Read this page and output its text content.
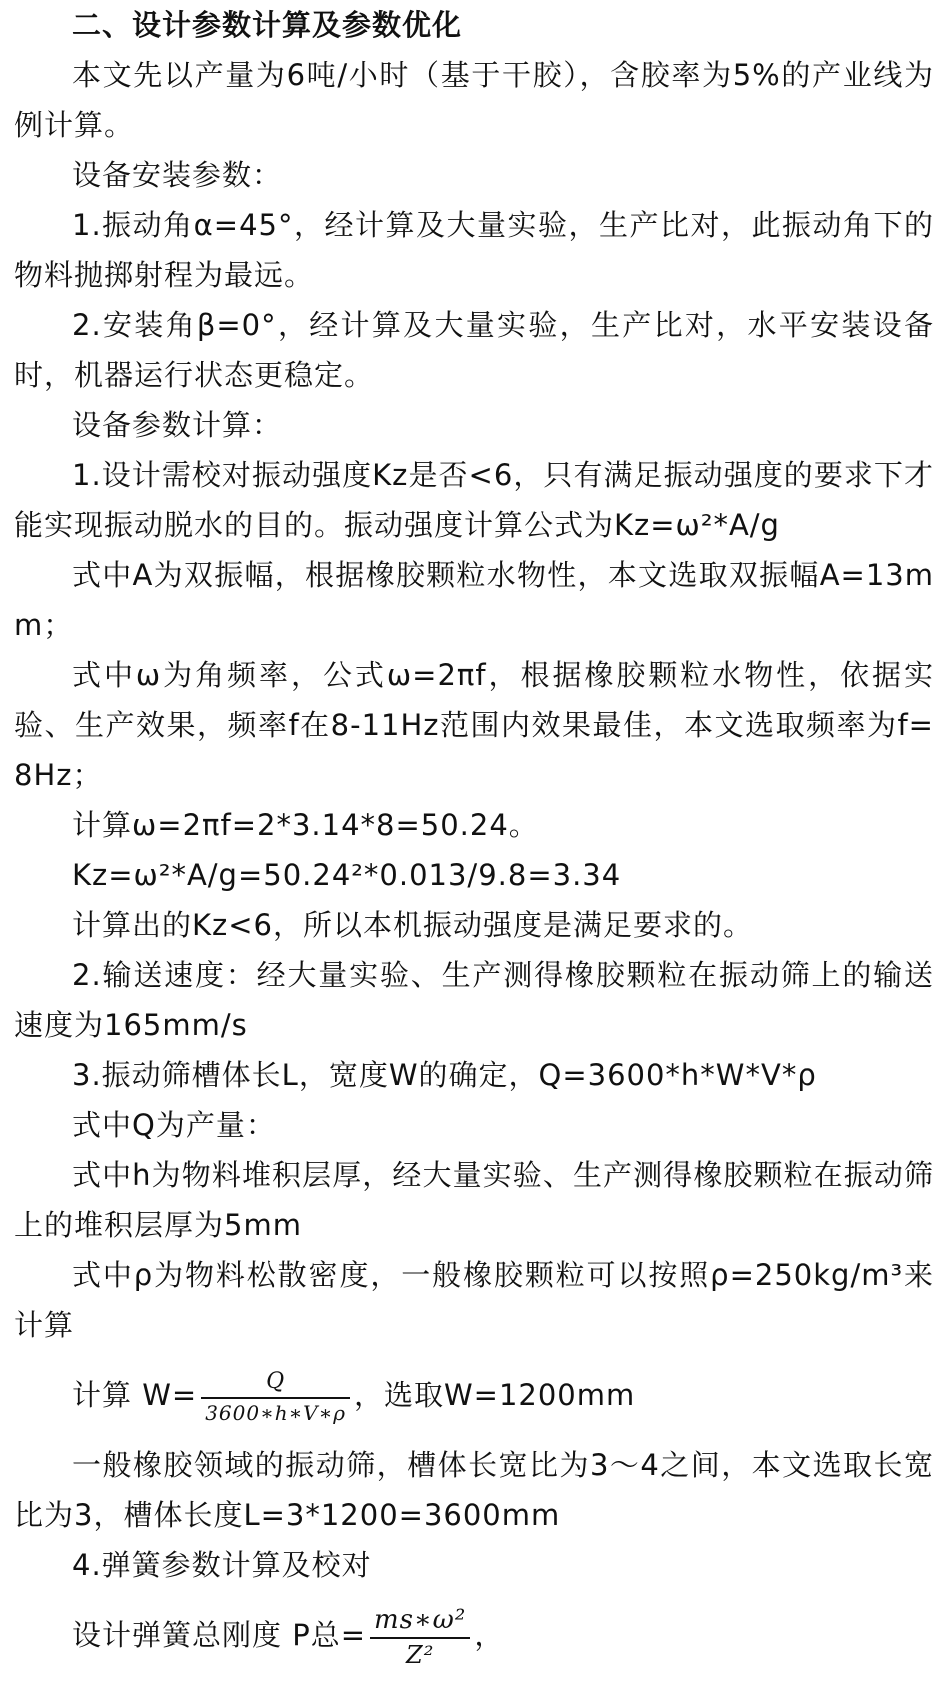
二、设计参数计算及参数优化

本文先以产量为6吨/小时（基于干胶），含胶率为5%的产业线为例计算。

设备安装参数：

1.振动角α=45°，经计算及大量实验，生产比对，此振动角下的物料抛掷射程为最远。

2.安装角β=0°，经计算及大量实验，生产比对，水平安装设备时，机器运行状态更稳定。

设备参数计算：

1.设计需校对振动强度Kz是否<6，只有满足振动强度的要求下才能实现振动脱水的目的。振动强度计算公式为Kz=ω²*A/g

式中A为双振幅，根据橡胶颗粒水物性，本文选取双振幅A=13mm；

式中ω为角频率，公式ω=2πf，根据橡胶颗粒水物性，依据实验、生产效果，频率f在8-11Hz范围内效果最佳，本文选取频率为f=8Hz；

计算ω=2πf=2*3.14*8=50.24。

Kz=ω²*A/g=50.24²*0.013/9.8=3.34

计算出的Kz<6，所以本机振动强度是满足要求的。

2.输送速度：经大量实验、生产测得橡胶颗粒在振动筛上的输送速度为165mm/s

3.振动筛槽体长L，宽度W的确定，Q=3600*h*W*V*ρ

式中Q为产量：

式中h为物料堆积层厚，经大量实验、生产测得橡胶颗粒在振动筛上的堆积层厚为5mm

式中ρ为物料松散密度，一般橡胶颗粒可以按照ρ=250kg/m³来计算

计算 $W= \frac{Q}{3600∗h∗V∗\rho}$ ，选取W=1200mm

一般橡胶领域的振动筛，槽体长宽比为3～4之间，本文选取长宽比为3，槽体长度L=3*1200=3600mm

4.弹簧参数计算及校对

设计弹簧总刚度 P总= $\frac{\text{ms∗ω²}}{\text{Z²}}$ ，
